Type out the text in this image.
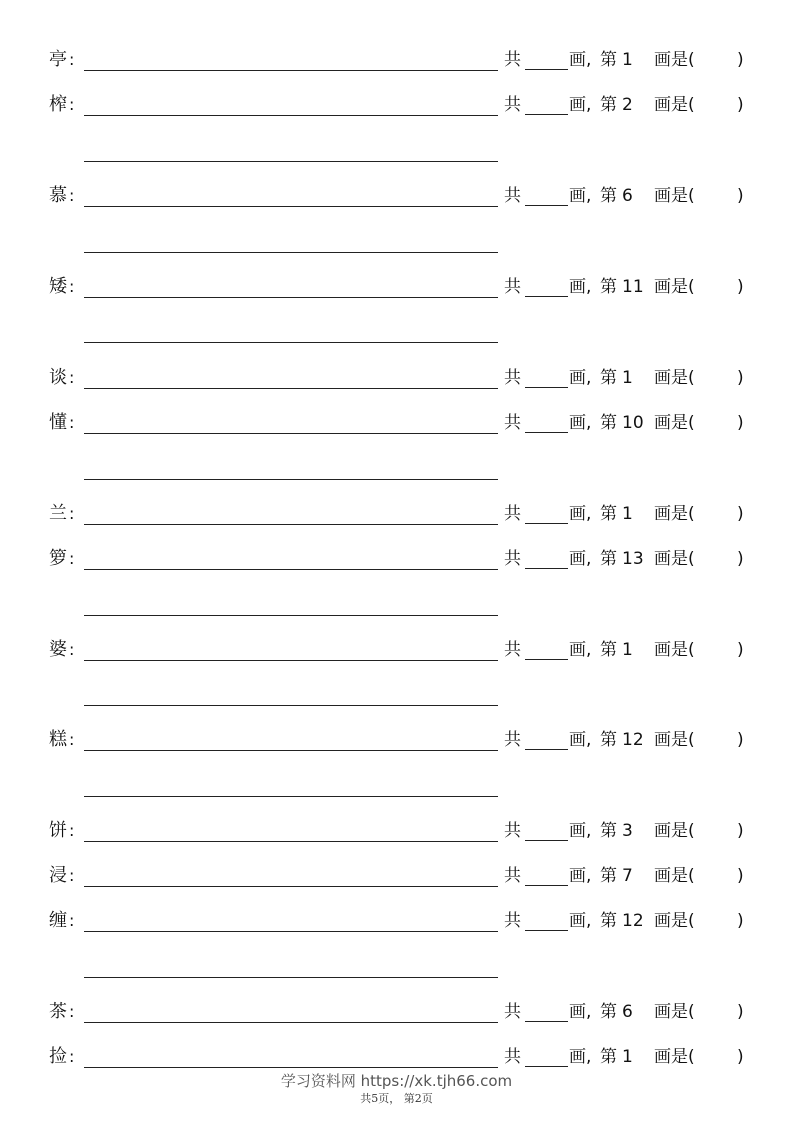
亭 :	共	画, 第 1 画是( )
榨 :	共	画, 第 2 画是( )
慕 :	共	画, 第 6 画是( )
矮 :	共	画, 第 11 画是( )
谈 :	共	画, 第 1 画是( )
懂 :	共	画, 第 10 画是( )
兰 :	共	画, 第 1 画是( )
箩 :	共	画, 第 13 画是( )
婆 :	共	画, 第 1 画是( )
糕 :	共	画, 第 12 画是( )
饼 :	共	画, 第 3 画是( )
浸 :	共	画, 第 7 画是( )
缠 :	共	画, 第 12 画是( )
茶 :	共	画, 第 6 画是( )
捡 :	共	画, 第 1 画是( )
学习资料网 https://xk.tjh66.com
共5页， 第2页
